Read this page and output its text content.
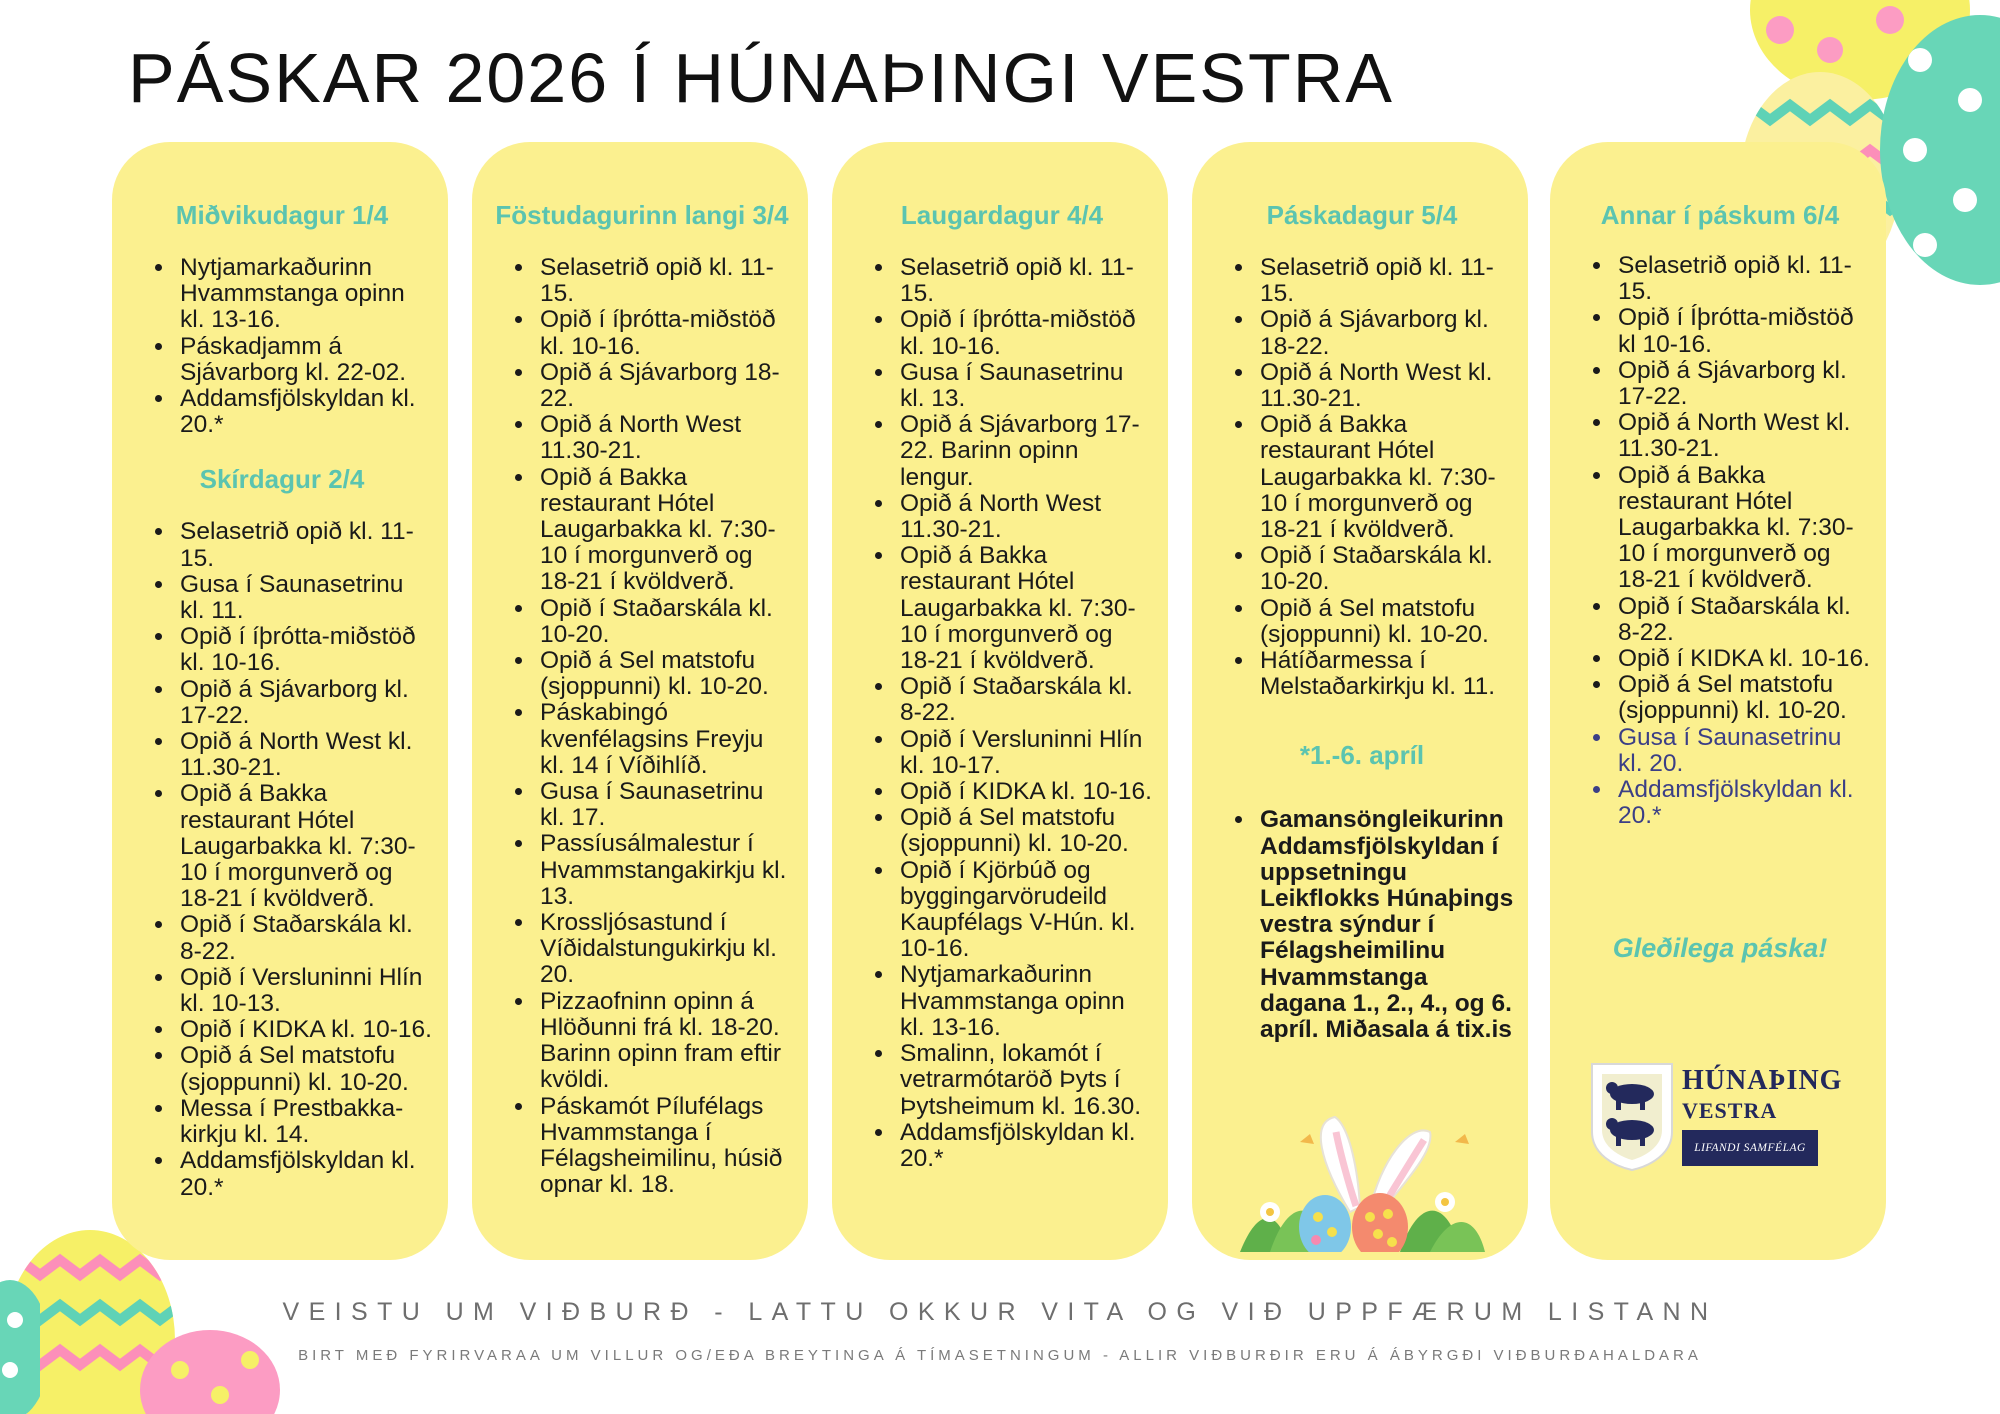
PÁSKAR 2026 Í HÚNAÞINGI VESTRA
Miðvikudagur 1/4
• Nytjamarkaðurinn Hvammstanga opinn kl. 13-16.
• Páskadjamm á Sjávarborg kl. 22-02.
• Addamsfjölskyldan kl. 20.*
Skírdagur 2/4
• Selasetrið opið kl. 11-15.
• Gusa í Saunasetrinu kl. 11.
• Opið í íþrótta-miðstöð kl. 10-16.
• Opið á Sjávarborg kl. 17-22.
• Opið á North West kl. 11.30-21.
• Opið á Bakka restaurant Hótel Laugarbakka kl. 7:30-10 í morgunverð og 18-21 í kvöldverð.
• Opið í Staðarskála kl. 8-22.
• Opið í Versluninni Hlín kl. 10-13.
• Opið í KIDKA kl. 10-16.
• Opið á Sel matstofu (sjoppunni) kl. 10-20.
• Messa í Prestbakka-kirkju kl. 14.
• Addamsfjölskyldan kl. 20.*
Föstudagurinn langi 3/4
• Selasetrið opið kl. 11-15.
• Opið í íþrótta-miðstöð kl. 10-16.
• Opið á Sjávarborg 18-22.
• Opið á North West 11.30-21.
• Opið á Bakka restaurant Hótel Laugarbakka kl. 7:30-10 í morgunverð og 18-21 í kvöldverð.
• Opið í Staðarskála kl. 10-20.
• Opið á Sel matstofu (sjoppunni) kl. 10-20.
• Páskabingó kvenfélagsins Freyju kl. 14 í Víðihlíð.
• Gusa í Saunasetrinu kl. 17.
• Passíusálmalestur í Hvammstangakirkju kl. 13.
• Krossljósastund í Víðidalstungukirkju kl. 20.
• Pizzaofninn opinn á Hlöðunni frá kl. 18-20. Barinn opinn fram eftir kvöldi.
• Páskamót Pílufélags Hvammstanga í Félagsheimilinu, húsið opnar kl. 18.
Laugardagur 4/4
• Selasetrið opið kl. 11-15.
• Opið í íþrótta-miðstöð kl. 10-16.
• Gusa í Saunasetrinu kl. 13.
• Opið á Sjávarborg 17-22. Barinn opinn lengur.
• Opið á North West 11.30-21.
• Opið á Bakka restaurant Hótel Laugarbakka kl. 7:30-10 í morgunverð og 18-21 í kvöldverð.
• Opið í Staðarskála kl. 8-22.
• Opið í Versluninni Hlín kl. 10-17.
• Opið í KIDKA kl. 10-16.
• Opið á Sel matstofu (sjoppunni) kl. 10-20.
• Opið í Kjörbúð og byggingarvörudeild Kaupfélags V-Hún. kl. 10-16.
• Nytjamarkaðurinn Hvammstanga opinn kl. 13-16.
• Smalinn, lokamót í vetrarmótaröð Þyts í Þytsheimum kl. 16.30.
• Addamsfjölskyldan kl. 20.*
Páskadagur 5/4
• Selasetrið opið kl. 11-15.
• Opið á Sjávarborg kl. 18-22.
• Opið á North West kl. 11.30-21.
• Opið á Bakka restaurant Hótel Laugarbakka kl. 7:30-10 í morgunverð og 18-21 í kvöldverð.
• Opið í Staðarskála kl. 10-20.
• Opið á Sel matstofu (sjoppunni) kl. 10-20.
• Hátíðarmessa í Melstaðarkirkju kl. 11.
*1.-6. apríl
• Gamansöngleikurinn Addamsfjölskyldan í uppsetningu Leikflokks Húnaþings vestra sýndur í Félagsheimilinu Hvammstanga dagana 1., 2., 4., og 6. apríl. Miðasala á tix.is
Annar í páskum 6/4
• Selasetrið opið kl. 11-15.
• Opið í Íþrótta-miðstöð kl 10-16.
• Opið á Sjávarborg kl. 17-22.
• Opið á North West kl. 11.30-21.
• Opið á Bakka restaurant Hótel Laugarbakka kl. 7:30-10 í morgunverð og 18-21 í kvöldverð.
• Opið í Staðarskála kl. 8-22.
• Opið í KIDKA kl. 10-16.
• Opið á Sel matstofu (sjoppunni) kl. 10-20.
• Gusa í Saunasetrinu kl. 20.
• Addamsfjölskyldan kl. 20.*
Gleðilega páska!
HÚNAÞING
VESTRA
LIFANDI SAMFÉLAG
VEISTU UM VIÐBURÐ - LATTU OKKUR VITA OG VIÐ UPPFÆRUM LISTANN
BIRT MEÐ FYRIRVARAA UM VILLUR OG/EÐA BREYTINGA Á TÍMASETNINGUM - ALLIR VIÐBURÐIR ERU Á ÁBYRGÐI VIÐBURÐAHALDARA
